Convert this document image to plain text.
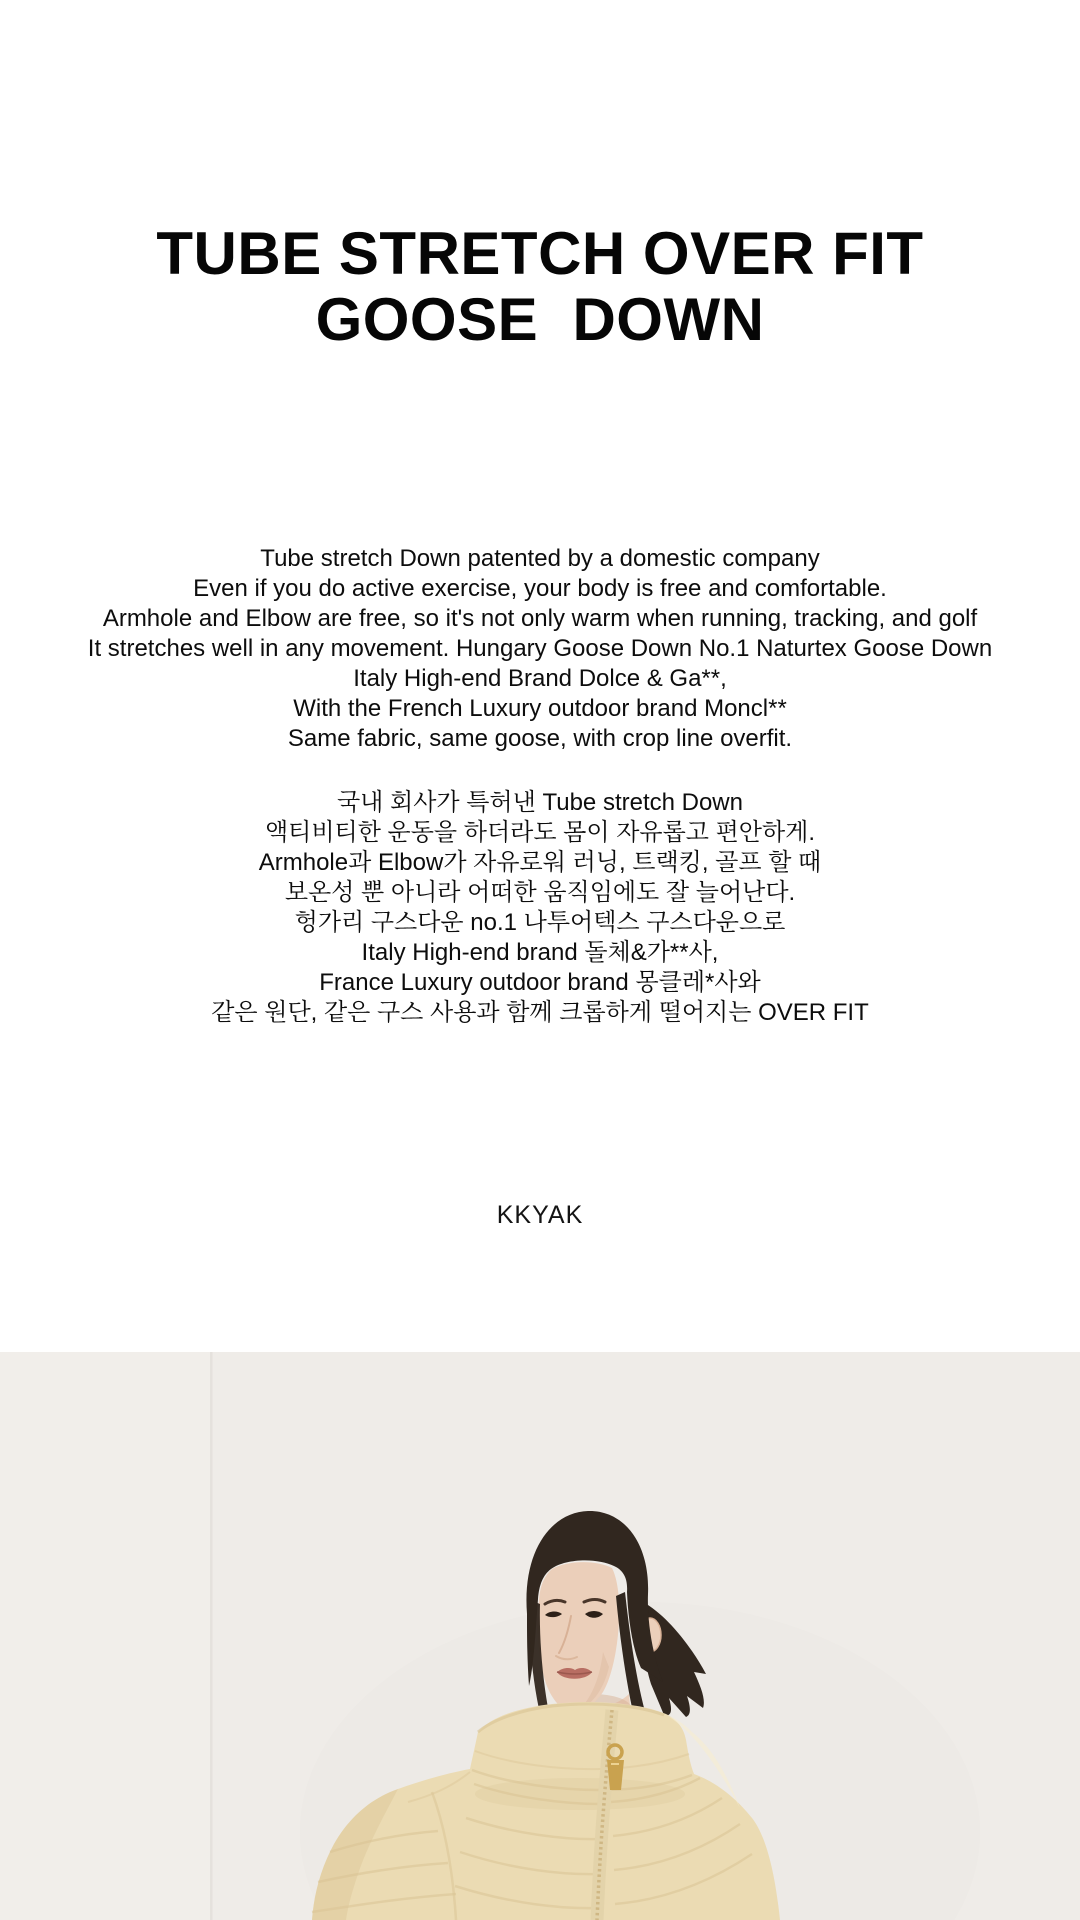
TUBE STRETCH OVER FIT
GOOSE  DOWN
Tube stretch Down patented by a domestic company
Even if you do active exercise, your body is free and comfortable.
Armhole and Elbow are free, so it's not only warm when running, tracking, and golf
It stretches well in any movement. Hungary Goose Down No.1 Naturtex Goose Down
Italy High-end Brand Dolce & Ga**,
With the French Luxury outdoor brand Moncl**
Same fabric, same goose, with crop line overfit.
국내 회사가 특허낸 Tube stretch Down
액티비티한 운동을 하더라도 몸이 자유롭고 편안하게.
Armhole과 Elbow가 자유로워 러닝, 트랙킹, 골프 할 때
보온성 뿐 아니라 어떠한 움직임에도 잘 늘어난다.
헝가리 구스다운 no.1 나투어텍스 구스다운으로
Italy High-end brand 돌체&가**사,
France Luxury outdoor brand 몽클레*사와
같은 원단, 같은 구스 사용과 함께 크롭하게 떨어지는 OVER FIT
KKYAK
